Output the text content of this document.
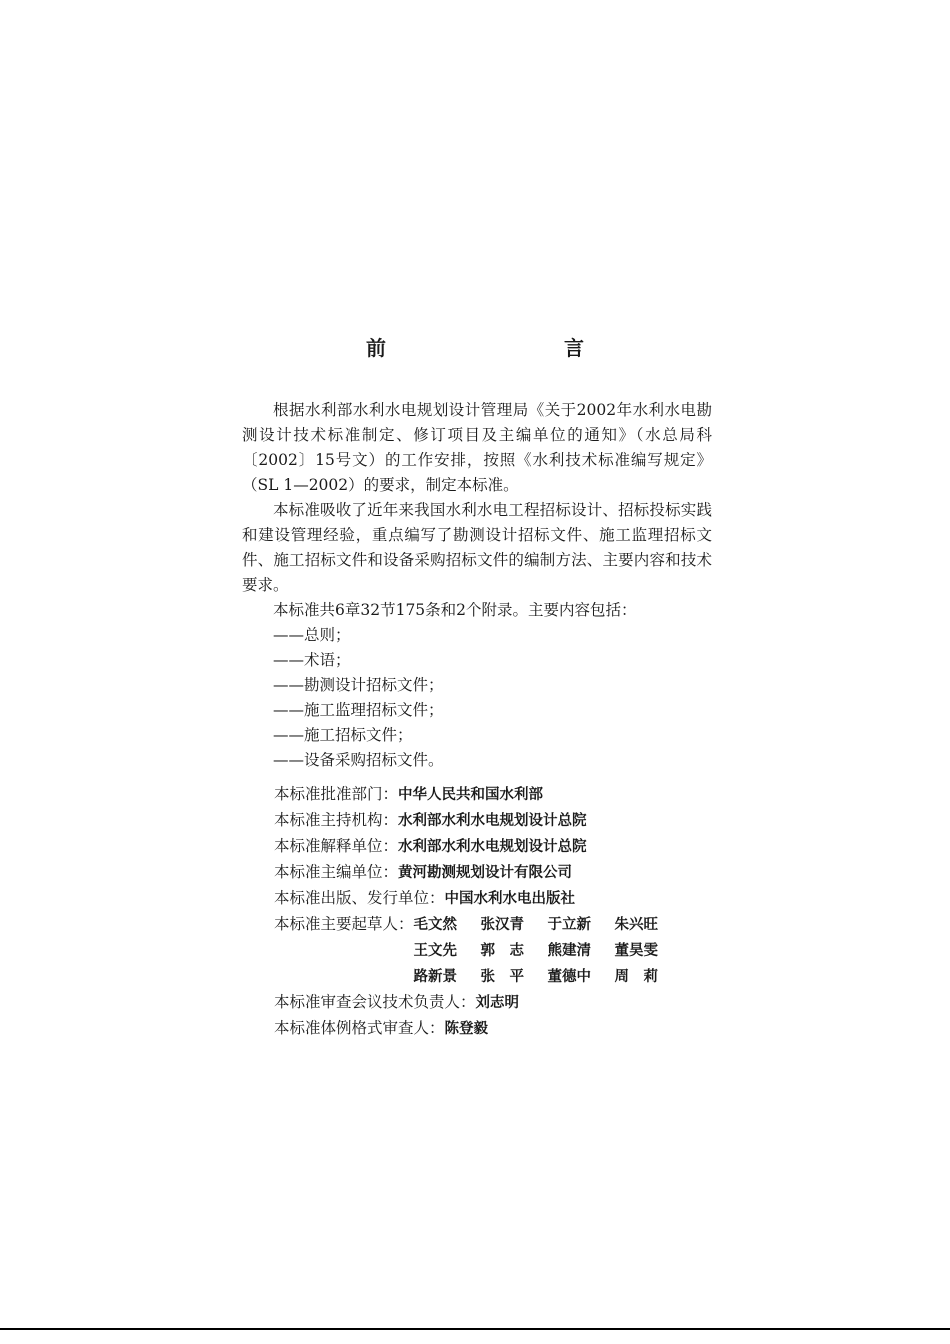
前　　言

根据水利部水利水电规划设计管理局《关于2002年水利水电勘测设计技术标准制定、修订项目及主编单位的通知》（水总局科〔2002〕15号文）的工作安排，按照《水利技术标准编写规定》（SL 1—2002）的要求，制定本标准。

本标准吸收了近年来我国水利水电工程招标设计、招标投标实践和建设管理经验，重点编写了勘测设计招标文件、施工监理招标文件、施工招标文件和设备采购招标文件的编制方法、主要内容和技术要求。

本标准共6章32节175条和2个附录。主要内容包括：

——总则；
——术语；
——勘测设计招标文件；
——施工监理招标文件；
——施工招标文件；
——设备采购招标文件。
本标准批准部门：中华人民共和国水利部
本标准主持机构：水利部水利水电规划设计总院
本标准解释单位：水利部水利水电规划设计总院
本标准主编单位：黄河勘测规划设计有限公司
本标准出版、发行单位：中国水利水电出版社
本标准主要起草人： 毛文然 张汉青 于立新 朱兴旺
王文先 郭　志 熊建清 董昊雯
路新景 张　平 董德中 周　莉
本标准审查会议技术负责人：刘志明
本标准体例格式审查人：陈登毅
